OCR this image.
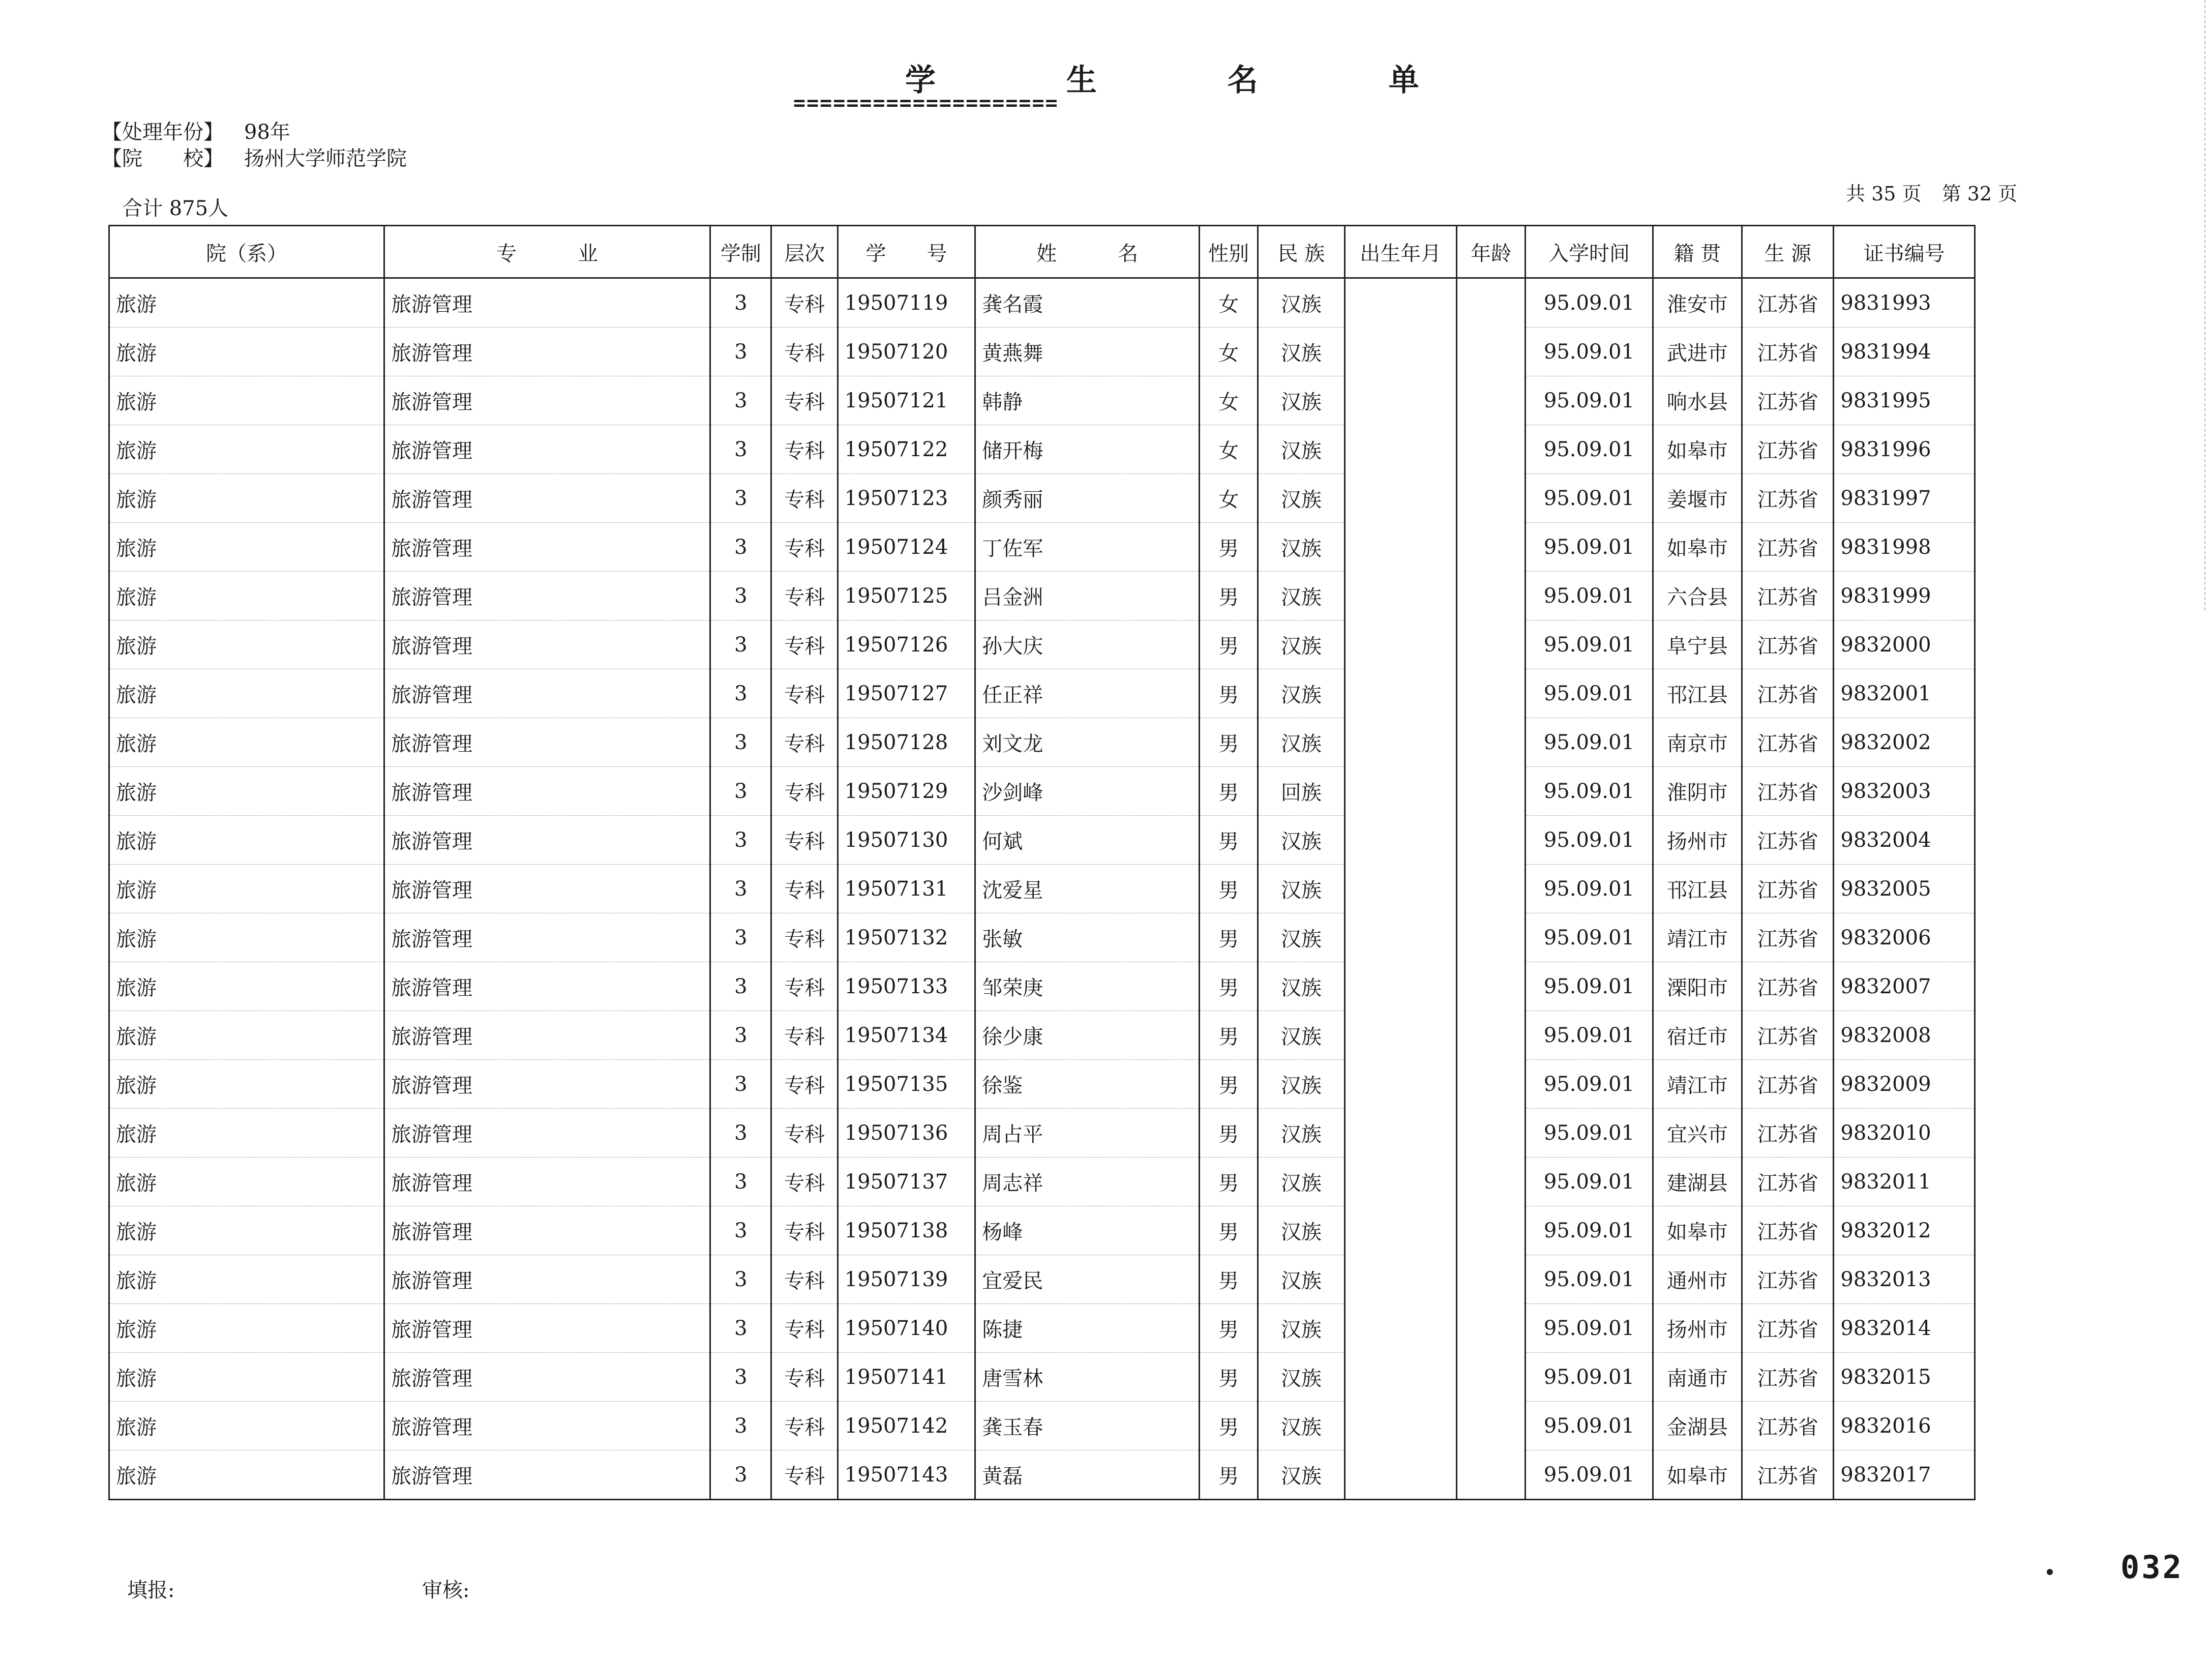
学 生 名 单
====================
【处理年份】 98年
【院　　校】 扬州大学师范学院
合计 875人
共 35 页 第 32 页
院（系）	专　　　业	学制	层次	学　　号	姓　　　名	性别	民 族	出生年月	年龄	入学时间	籍 贯	生 源	证书编号
旅游	旅游管理	3	专科	19507119	龚名霞	女	汉族			95.09.01	淮安市	江苏省	9831993
旅游	旅游管理	3	专科	19507120	黄燕舞	女	汉族			95.09.01	武进市	江苏省	9831994
旅游	旅游管理	3	专科	19507121	韩静	女	汉族			95.09.01	响水县	江苏省	9831995
旅游	旅游管理	3	专科	19507122	储开梅	女	汉族			95.09.01	如皋市	江苏省	9831996
旅游	旅游管理	3	专科	19507123	颜秀丽	女	汉族			95.09.01	姜堰市	江苏省	9831997
旅游	旅游管理	3	专科	19507124	丁佐军	男	汉族			95.09.01	如皋市	江苏省	9831998
旅游	旅游管理	3	专科	19507125	吕金洲	男	汉族			95.09.01	六合县	江苏省	9831999
旅游	旅游管理	3	专科	19507126	孙大庆	男	汉族			95.09.01	阜宁县	江苏省	9832000
旅游	旅游管理	3	专科	19507127	任正祥	男	汉族			95.09.01	邗江县	江苏省	9832001
旅游	旅游管理	3	专科	19507128	刘文龙	男	汉族			95.09.01	南京市	江苏省	9832002
旅游	旅游管理	3	专科	19507129	沙剑峰	男	回族			95.09.01	淮阴市	江苏省	9832003
旅游	旅游管理	3	专科	19507130	何斌	男	汉族			95.09.01	扬州市	江苏省	9832004
旅游	旅游管理	3	专科	19507131	沈爱星	男	汉族			95.09.01	邗江县	江苏省	9832005
旅游	旅游管理	3	专科	19507132	张敏	男	汉族			95.09.01	靖江市	江苏省	9832006
旅游	旅游管理	3	专科	19507133	邹荣庚	男	汉族			95.09.01	溧阳市	江苏省	9832007
旅游	旅游管理	3	专科	19507134	徐少康	男	汉族			95.09.01	宿迁市	江苏省	9832008
旅游	旅游管理	3	专科	19507135	徐鉴	男	汉族			95.09.01	靖江市	江苏省	9832009
旅游	旅游管理	3	专科	19507136	周占平	男	汉族			95.09.01	宜兴市	江苏省	9832010
旅游	旅游管理	3	专科	19507137	周志祥	男	汉族			95.09.01	建湖县	江苏省	9832011
旅游	旅游管理	3	专科	19507138	杨峰	男	汉族			95.09.01	如皋市	江苏省	9832012
旅游	旅游管理	3	专科	19507139	宜爱民	男	汉族			95.09.01	通州市	江苏省	9832013
旅游	旅游管理	3	专科	19507140	陈捷	男	汉族			95.09.01	扬州市	江苏省	9832014
旅游	旅游管理	3	专科	19507141	唐雪林	男	汉族			95.09.01	南通市	江苏省	9832015
旅游	旅游管理	3	专科	19507142	龚玉春	男	汉族			95.09.01	金湖县	江苏省	9832016
旅游	旅游管理	3	专科	19507143	黄磊	男	汉族			95.09.01	如皋市	江苏省	9832017
填报:	审核:
032
